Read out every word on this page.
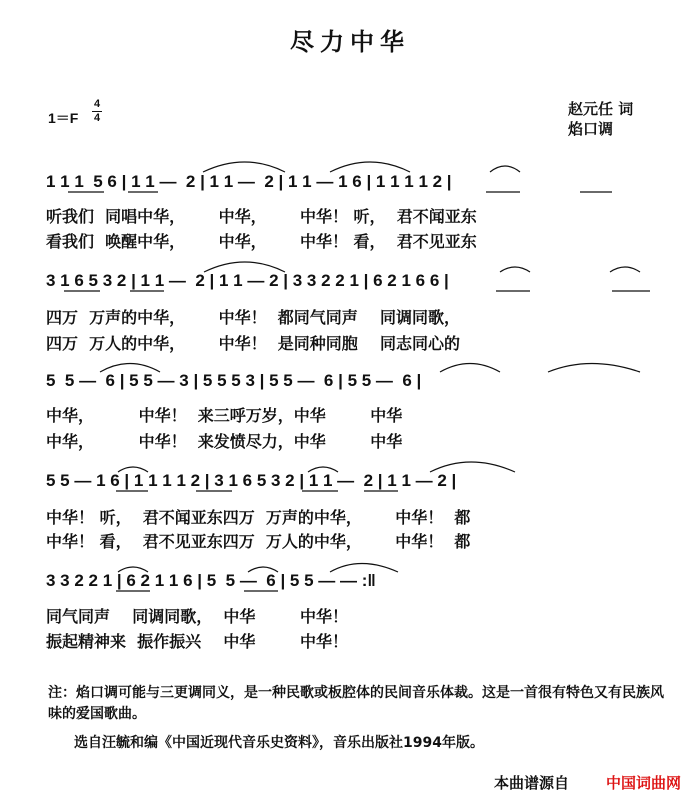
尽力中华
1＝F
4
4	赵元任 词
焰口调
1 1 1  5 6 | 1 1 —  2 | 1 1 —  2 | 1 1 — 1 6 | 1 1 1 1 2 |
听我们  同唱中华，      中华，      中华！ 听，  君不闻亚东
看我们  唤醒中华，      中华，      中华！ 看，  君不见亚东
3 1 6 5 3 2 | 1 1 —  2 | 1 1 — 2 | 3 3 2 2 1 | 6 2 1 6 6 |
四万  万声的中华，      中华！  都同气同声    同调同歌，
四万  万人的中华，      中华！  是同种同胞    同志同心的
5  5 —  6 | 5 5 — 3 | 5 5 5 3 | 5 5 —  6 | 5 5 —  6 |
中华，        中华！  来三呼万岁，中华        中华
中华，        中华！  来发愤尽力，中华        中华
5 5 — 1 6 | 1 1 1 1 2 | 3 1 6 5 3 2 | 1 1 —  2 | 1 1 — 2 |
中华！ 听，  君不闻亚东四万  万声的中华，      中华！  都
中华！ 看，  君不见亚东四万  万人的中华，      中华！  都
3 3 2 2 1 | 6 2 1 1 6 | 5  5 —  6 | 5 5 — — :‖
同气同声    同调同歌，  中华        中华！
振起精神来  振作振兴    中华        中华！
注：焰口调可能与三更调同义，是一种民歌或板腔体的民间音乐体裁。这是一首很有特色又有民族风味的爱国歌曲。
选自汪毓和编《中国近现代音乐史资料》，音乐出版社1994年版。
本曲谱源自 中国词曲网
